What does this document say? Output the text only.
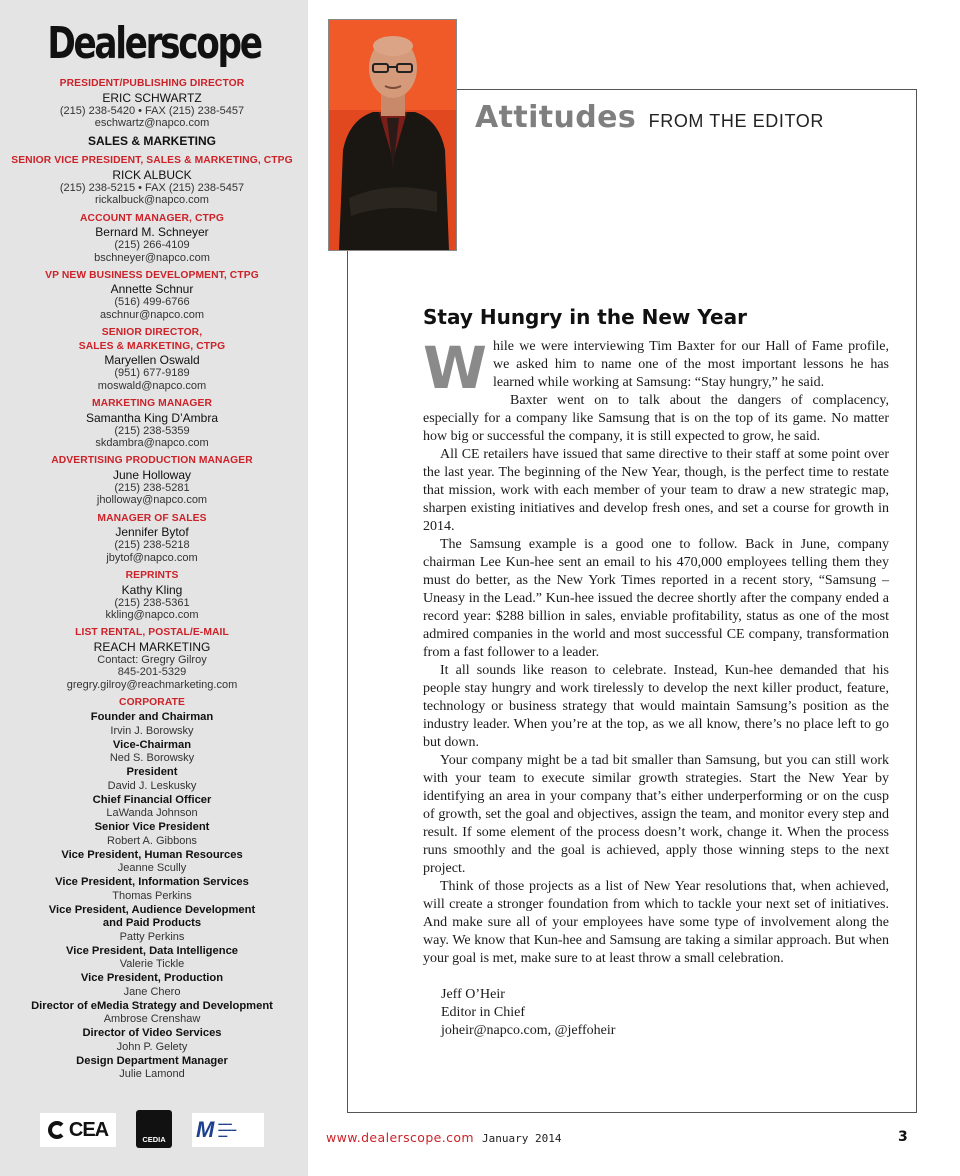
Dealerscope
PRESIDENT/PUBLISHING DIRECTOR
ERIC SCHWARTZ
(215) 238-5420 • FAX (215) 238-5457
eschwartz@napco.com
SALES & MARKETING
SENIOR VICE PRESIDENT, SALES & MARKETING, CTPG
RICK ALBUCK
(215) 238-5215 • FAX (215) 238-5457
rickalbuck@napco.com
ACCOUNT MANAGER, CTPG
Bernard M. Schneyer
(215) 266-4109
bschneyer@napco.com
VP NEW BUSINESS DEVELOPMENT, CTPG
Annette Schnur
(516) 499-6766
aschnur@napco.com
SENIOR DIRECTOR,
SALES & MARKETING, CTPG
Maryellen Oswald
(951) 677-9189
moswald@napco.com
MARKETING MANAGER
Samantha King D’Ambra
(215) 238-5359
skdambra@napco.com
ADVERTISING PRODUCTION MANAGER
June Holloway
(215) 238-5281
jholloway@napco.com
MANAGER OF SALES
Jennifer Bytof
(215) 238-5218
jbytof@napco.com
REPRINTS
Kathy Kling
(215) 238-5361
kkling@napco.com
LIST RENTAL, POSTAL/E-MAIL
REACH MARKETING
Contact: Gregry Gilroy
845-201-5329
gregry.gilroy@reachmarketing.com
CORPORATE
Founder and Chairman
Irvin J. Borowsky
Vice-Chairman
Ned S. Borowsky
President
David J. Leskusky
Chief Financial Officer
LaWanda Johnson
Senior Vice President
Robert A. Gibbons
Vice President, Human Resources
Jeanne Scully
Vice President, Information Services
Thomas Perkins
Vice President, Audience Development
and Paid Products
Patty Perkins
Vice President, Data Intelligence
Valerie Tickle
Vice President, Production
Jane Chero
Director of eMedia Strategy and Development
Ambrose Crenshaw
Director of Video Services
John P. Gelety
Design Department Manager
Julie Lamond
CEA	CEDIA M ▬▬▬
▬▬▬▬
▬▬
Attitudes FROM THE EDITOR
Stay Hungry in the New Year

While we were interviewing Tim Baxter for our Hall of Fame profile, we asked him to name one of the most important lessons he has learned while working at Samsung: “Stay hungry,” he said.

Baxter went on to talk about the dangers of complacency, especially for a company like Samsung that is on the top of its game. No matter how big or successful the company, it is still expected to grow, he said.

All CE retailers have issued that same directive to their staff at some point over the last year. The beginning of the New Year, though, is the perfect time to restate that mission, work with each member of your team to draw a new strategic map, sharpen existing initiatives and develop fresh ones, and set a course for growth in 2014.

The Samsung example is a good one to follow. Back in June, company chairman Lee Kun-hee sent an email to his 470,000 employees telling them they must do better, as the New York Times reported in a recent story, “Samsung – Uneasy in the Lead.” Kun-hee issued the decree shortly after the company ended a record year: $288 billion in sales, enviable profitability, status as one of the most admired companies in the world and most successful CE company, transformation from a fast follower to a leader.

It all sounds like reason to celebrate. Instead, Kun-hee demanded that his people stay hungry and work tirelessly to develop the next killer product, feature, technology or business strategy that would maintain Samsung’s position as the industry leader. When you’re at the top, as we all know, there’s no place left to go but down.

Your company might be a tad bit smaller than Samsung, but you can still work with your team to execute similar growth strategies. Start the New Year by identifying an area in your company that’s either underperforming or on the cusp of growth, set the goal and objectives, assign the team, and monitor every step and result. If some element of the process doesn’t work, change it. When the process runs smoothly and the goal is achieved, apply those winning steps to the next project.

Think of those projects as a list of New Year resolutions that, when achieved, will create a stronger foundation from which to tackle your next set of initiatives. And make sure all of your employees have some type of involvement along the way. We know that Kun-hee and Samsung are taking a similar approach. But when your goal is met, make sure to at least throw a small celebration.

Jeff O’Heir
Editor in Chief
joheir@napco.com, @jeffoheir
www.dealerscope.com January 2014	3
